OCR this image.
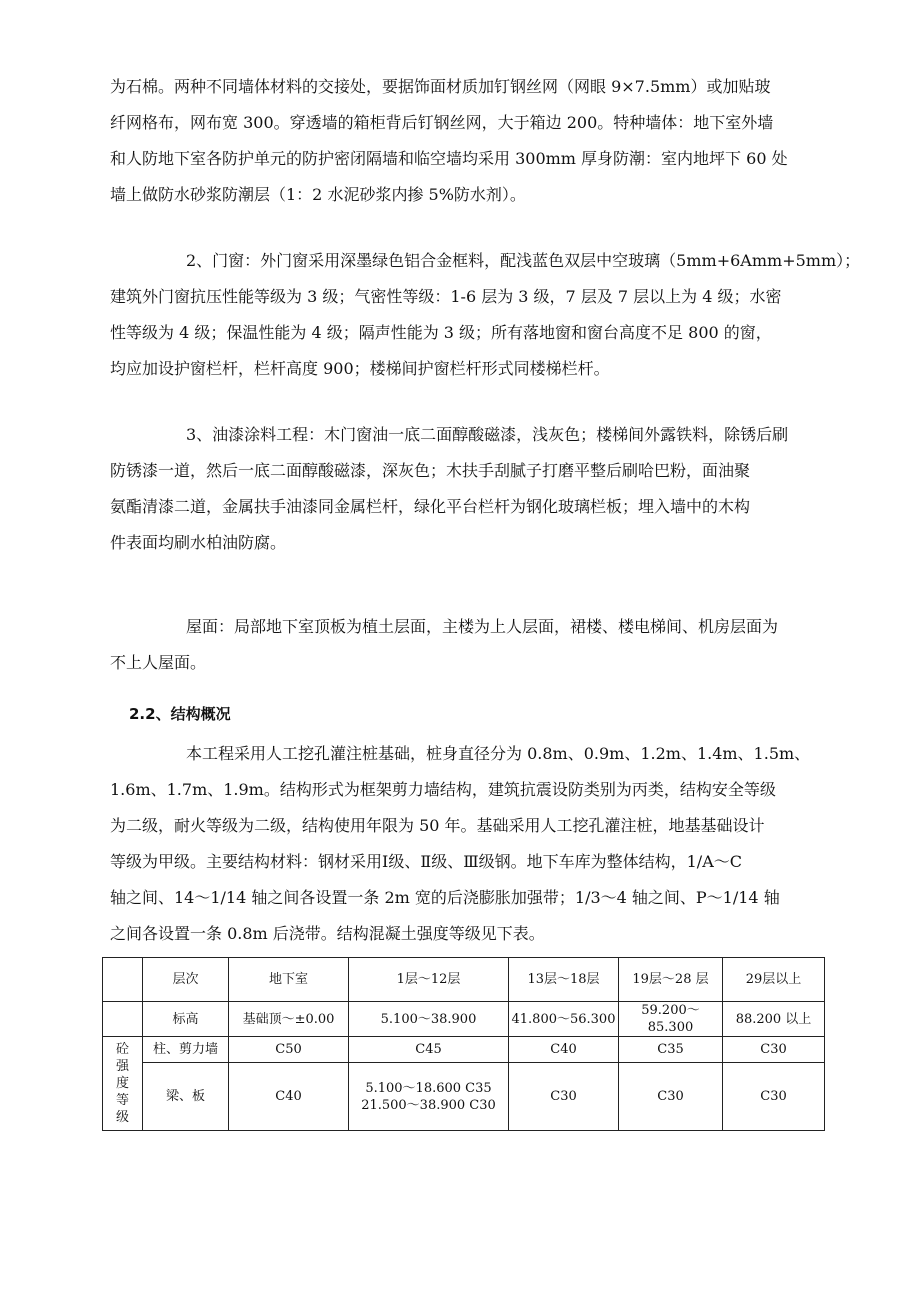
为石棉。两种不同墙体材料的交接处，要据饰面材质加钉钢丝网（网眼 9×7.5mm）或加贴玻
纤网格布，网布宽 300。穿透墙的箱柜背后钉钢丝网，大于箱边 200。特种墙体：地下室外墙
和人防地下室各防护单元的防护密闭隔墙和临空墙均采用 300mm 厚身防潮：室内地坪下 60 处
墙上做防水砂浆防潮层（1：2 水泥砂浆内掺 5%防水剂）。
2、门窗：外门窗采用深墨绿色铝合金框料，配浅蓝色双层中空玻璃（5mm+6Amm+5mm）；
建筑外门窗抗压性能等级为 3 级；气密性等级：1-6 层为 3 级，7 层及 7 层以上为 4 级；水密
性等级为 4 级；保温性能为 4 级；隔声性能为 3 级；所有落地窗和窗台高度不足 800 的窗，
均应加设护窗栏杆，栏杆高度 900；楼梯间护窗栏杆形式同楼梯栏杆。
3、油漆涂料工程：木门窗油一底二面醇酸磁漆，浅灰色；楼梯间外露铁料，除锈后刷
防锈漆一道，然后一底二面醇酸磁漆，深灰色；木扶手刮腻子打磨平整后刷哈巴粉，面油聚
氨酯清漆二道，金属扶手油漆同金属栏杆，绿化平台栏杆为钢化玻璃栏板；埋入墙中的木构
件表面均刷水柏油防腐。
屋面：局部地下室顶板为植土层面，主楼为上人层面，裙楼、楼电梯间、机房层面为
不上人屋面。
2.2、结构概况
本工程采用人工挖孔灌注桩基础，桩身直径分为 0.8m、0.9m、1.2m、1.4m、1.5m、
1.6m、1.7m、1.9m。结构形式为框架剪力墙结构，建筑抗震设防类别为丙类，结构安全等级
为二级，耐火等级为二级，结构使用年限为 50 年。基础采用人工挖孔灌注桩，地基基础设计
等级为甲级。主要结构材料：钢材采用Ⅰ级、Ⅱ级、Ⅲ级钢。地下车库为整体结构，1/A～C
轴之间、14～1/14 轴之间各设置一条 2m 宽的后浇膨胀加强带；1/3～4 轴之间、P～1/14 轴
之间各设置一条 0.8m 后浇带。结构混凝土强度等级见下表。
	层次	地下室	1层～12层	13层～18层	19层～28 层	29层以上
	标高	基础顶～±0.00	5.100～38.900	41.800～56.300	59.200～85.300	88.200 以上

砼
强
度
等
级	柱、剪力墙	C50	C45	C40	C35	C30
	梁、板	C40	5.100～18.600 C35
21.500～38.900 C30	C30	C30	C30
